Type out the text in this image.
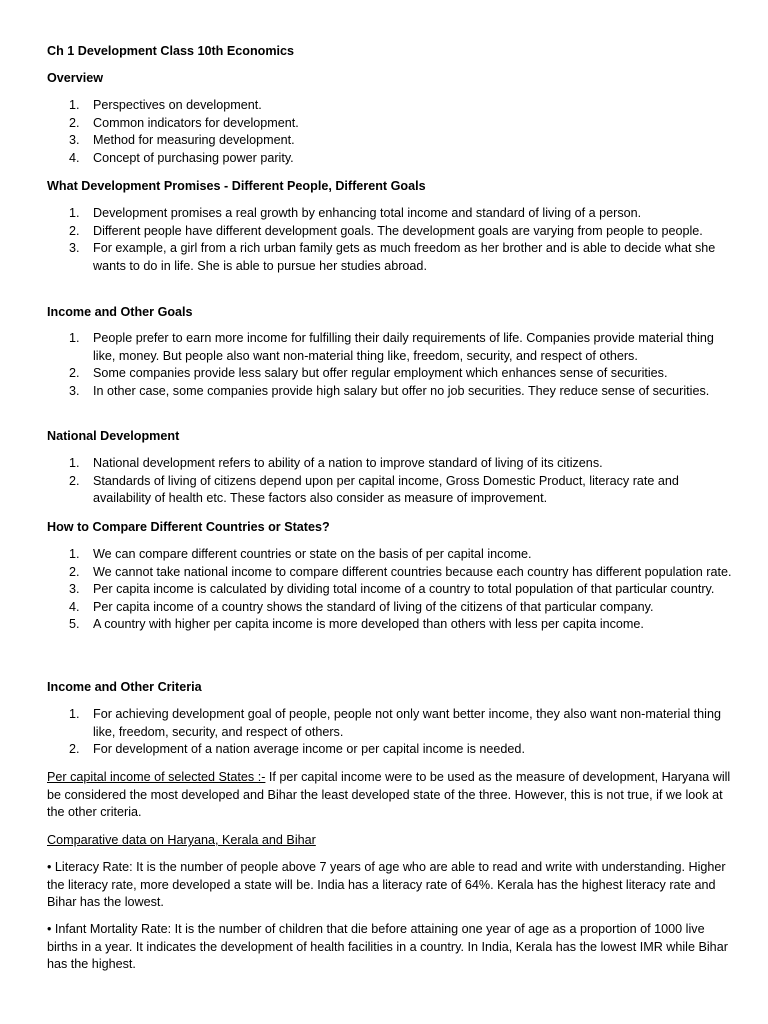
Ch 1 Development Class 10th Economics
Overview
1. Perspectives on development.
2. Common indicators for development.
3. Method for measuring development.
4. Concept of purchasing power parity.
What Development Promises - Different People, Different Goals
1. Development promises a real growth by enhancing total income and standard of living of a person.
2. Different people have different development goals. The development goals are varying from people to people.
3. For example, a girl from a rich urban family gets as much freedom as her brother and is able to decide what she wants to do in life. She is able to pursue her studies abroad.
Income and Other Goals
1. People prefer to earn more income for fulfilling their daily requirements of life. Companies provide material thing like, money. But people also want non-material thing like, freedom, security, and respect of others.
2. Some companies provide less salary but offer regular employment which enhances sense of securities.
3. In other case, some companies provide high salary but offer no job securities. They reduce sense of securities.
National Development
1. National development refers to ability of a nation to improve standard of living of its citizens.
2. Standards of living of citizens depend upon per capital income, Gross Domestic Product, literacy rate and availability of health etc. These factors also consider as measure of improvement.
How to Compare Different Countries or States?
1. We can compare different countries or state on the basis of per capital income.
2. We cannot take national income to compare different countries because each country has different population rate.
3. Per capita income is calculated by dividing total income of a country to total population of that particular country.
4. Per capita income of a country shows the standard of living of the citizens of that particular company.
5. A country with higher per capita income is more developed than others with less per capita income.
Income and Other Criteria
1. For achieving development goal of people, people not only want better income, they also want non-material thing like, freedom, security, and respect of others.
2. For development of a nation average income or per capital income is needed.

Per capital income of selected States :- If per capital income were to be used as the measure of development, Haryana will be considered the most developed and Bihar the least developed state of the three. However, this is not true, if we look at the other criteria.

Comparative data on Haryana, Kerala and Bihar

• Literacy Rate: It is the number of people above 7 years of age who are able to read and write with understanding. Higher the literacy rate, more developed a state will be. India has a literacy rate of 64%. Kerala has the highest literacy rate and Bihar has the lowest.

• Infant Mortality Rate: It is the number of children that die before attaining one year of age as a proportion of 1000 live births in a year. It indicates the development of health facilities in a country. In India, Kerala has the lowest IMR while Bihar has the highest.
